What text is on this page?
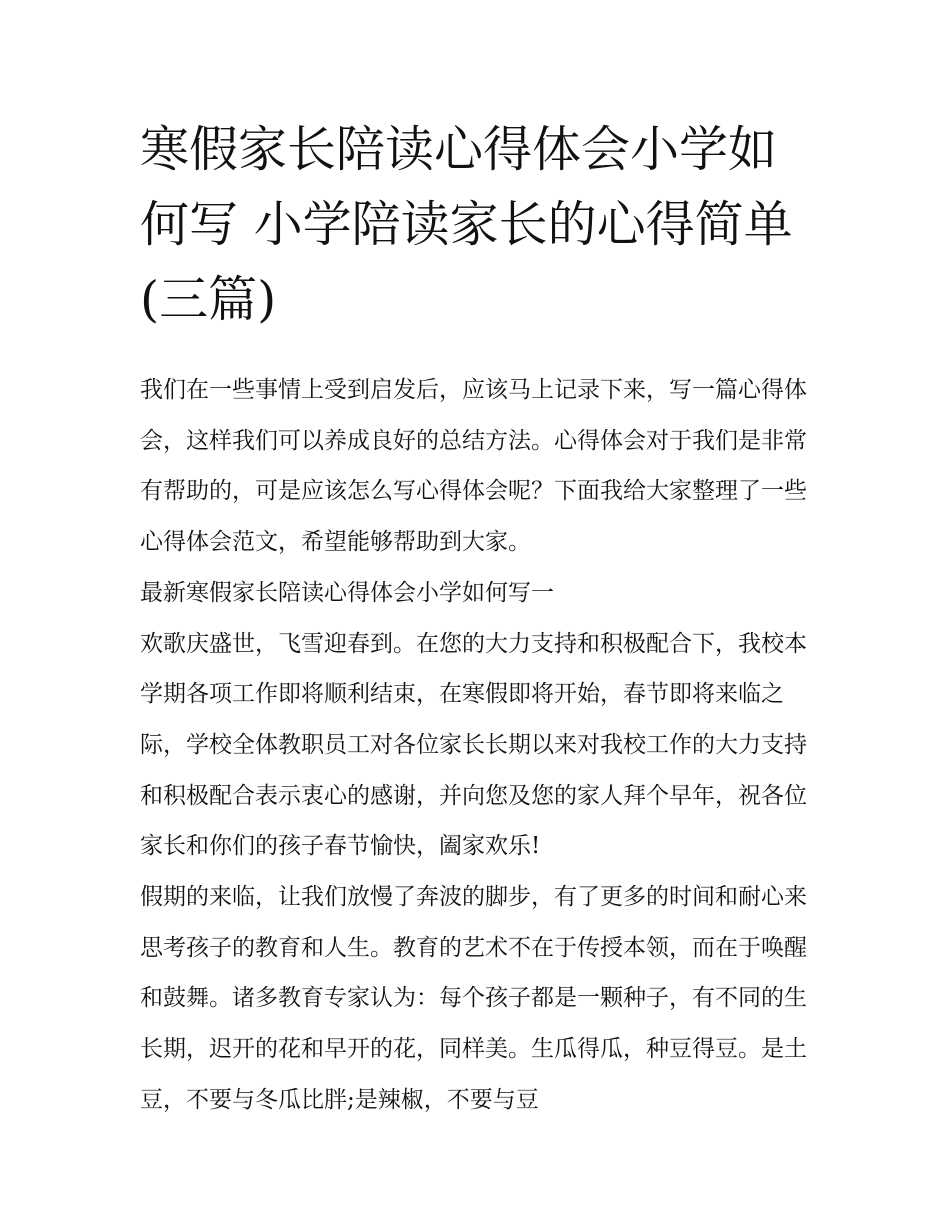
寒假家长陪读心得体会小学如何写 小学陪读家长的心得简单(三篇)

我们在一些事情上受到启发后，应该马上记录下来，写一篇心得体会，这样我们可以养成良好的总结方法。心得体会对于我们是非常有帮助的，可是应该怎么写心得体会呢？下面我给大家整理了一些心得体会范文，希望能够帮助到大家。

最新寒假家长陪读心得体会小学如何写一

欢歌庆盛世，飞雪迎春到。在您的大力支持和积极配合下，我校本学期各项工作即将顺利结束，在寒假即将开始，春节即将来临之际，学校全体教职员工对各位家长长期以来对我校工作的大力支持和积极配合表示衷心的感谢，并向您及您的家人拜个早年，祝各位家长和你们的孩子春节愉快，阖家欢乐!

假期的来临，让我们放慢了奔波的脚步，有了更多的时间和耐心来思考孩子的教育和人生。教育的艺术不在于传授本领，而在于唤醒和鼓舞。诸多教育专家认为：每个孩子都是一颗种子，有不同的生长期，迟开的花和早开的花，同样美。生瓜得瓜，种豆得豆。是土豆，不要与冬瓜比胖;是辣椒，不要与豆
